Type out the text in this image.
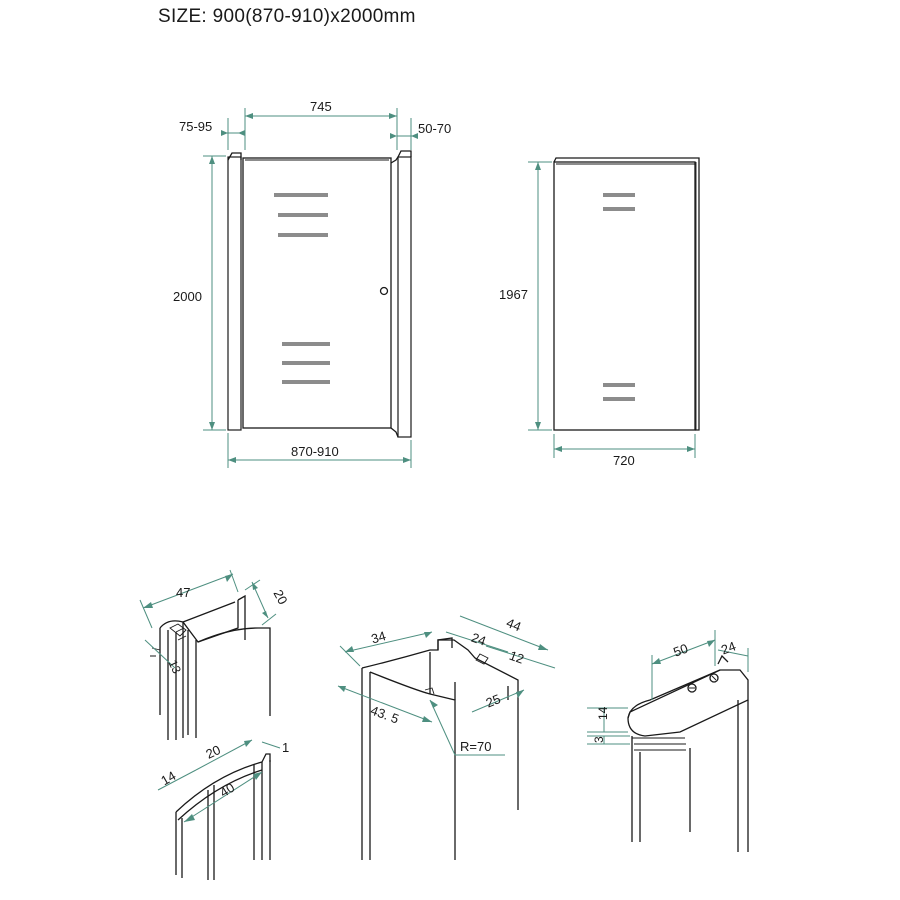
SIZE: 900(870-910)x2000mm
745
75-95	50-70
2000
870-910
1967
720
47	20
13
14
20	1
40
34	24
44
12
25
43. 5
R=70
50 24
14
3
